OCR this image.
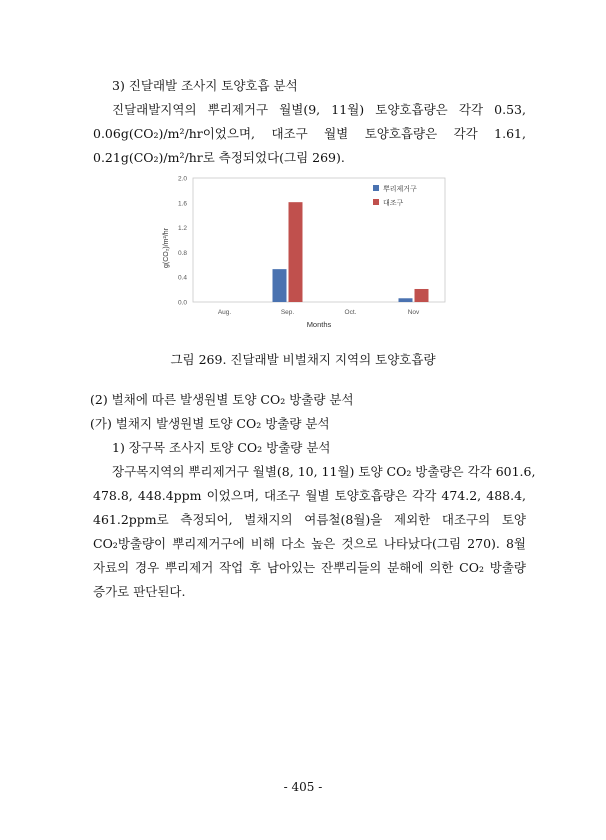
3) 진달래발 조사지 토양호흡 분석
진달래발지역의 뿌리제거구 월별(9, 11월) 토양호흡량은 각각 0.53,
0.06g(CO₂)/m²/hr이었으며, 대조구 월별 토양호흡량은 각각 1.61,
0.21g(CO₂)/m²/hr로 측정되었다(그림 269).
g(CO₂)/m²/hr
Months
0.0
0.4
0.8
1.2
1.6
2.0
Aug.	Sep.	Oct.	Nov
뿌리제거구
대조구
그림 269. 진달래발 비벌채지 지역의 토양호흡량
(2) 벌채에 따른 발생원별 토양 CO₂ 방출량 분석
(가) 벌채지 발생원별 토양 CO₂ 방출량 분석
1) 장구목 조사지 토양 CO₂ 방출량 분석
장구목지역의 뿌리제거구 월별(8, 10, 11월) 토양 CO₂ 방출량은 각각 601.6,
478.8, 448.4ppm 이었으며, 대조구 월별 토양호흡량은 각각 474.2, 488.4,
461.2ppm로 측정되어, 벌채지의 여름철(8월)을 제외한 대조구의 토양
CO₂방출량이 뿌리제거구에 비해 다소 높은 것으로 나타났다(그림 270). 8월
자료의 경우 뿌리제거 작업 후 남아있는 잔뿌리들의 분해에 의한 CO₂ 방출량
증가로 판단된다.
- 405 -
